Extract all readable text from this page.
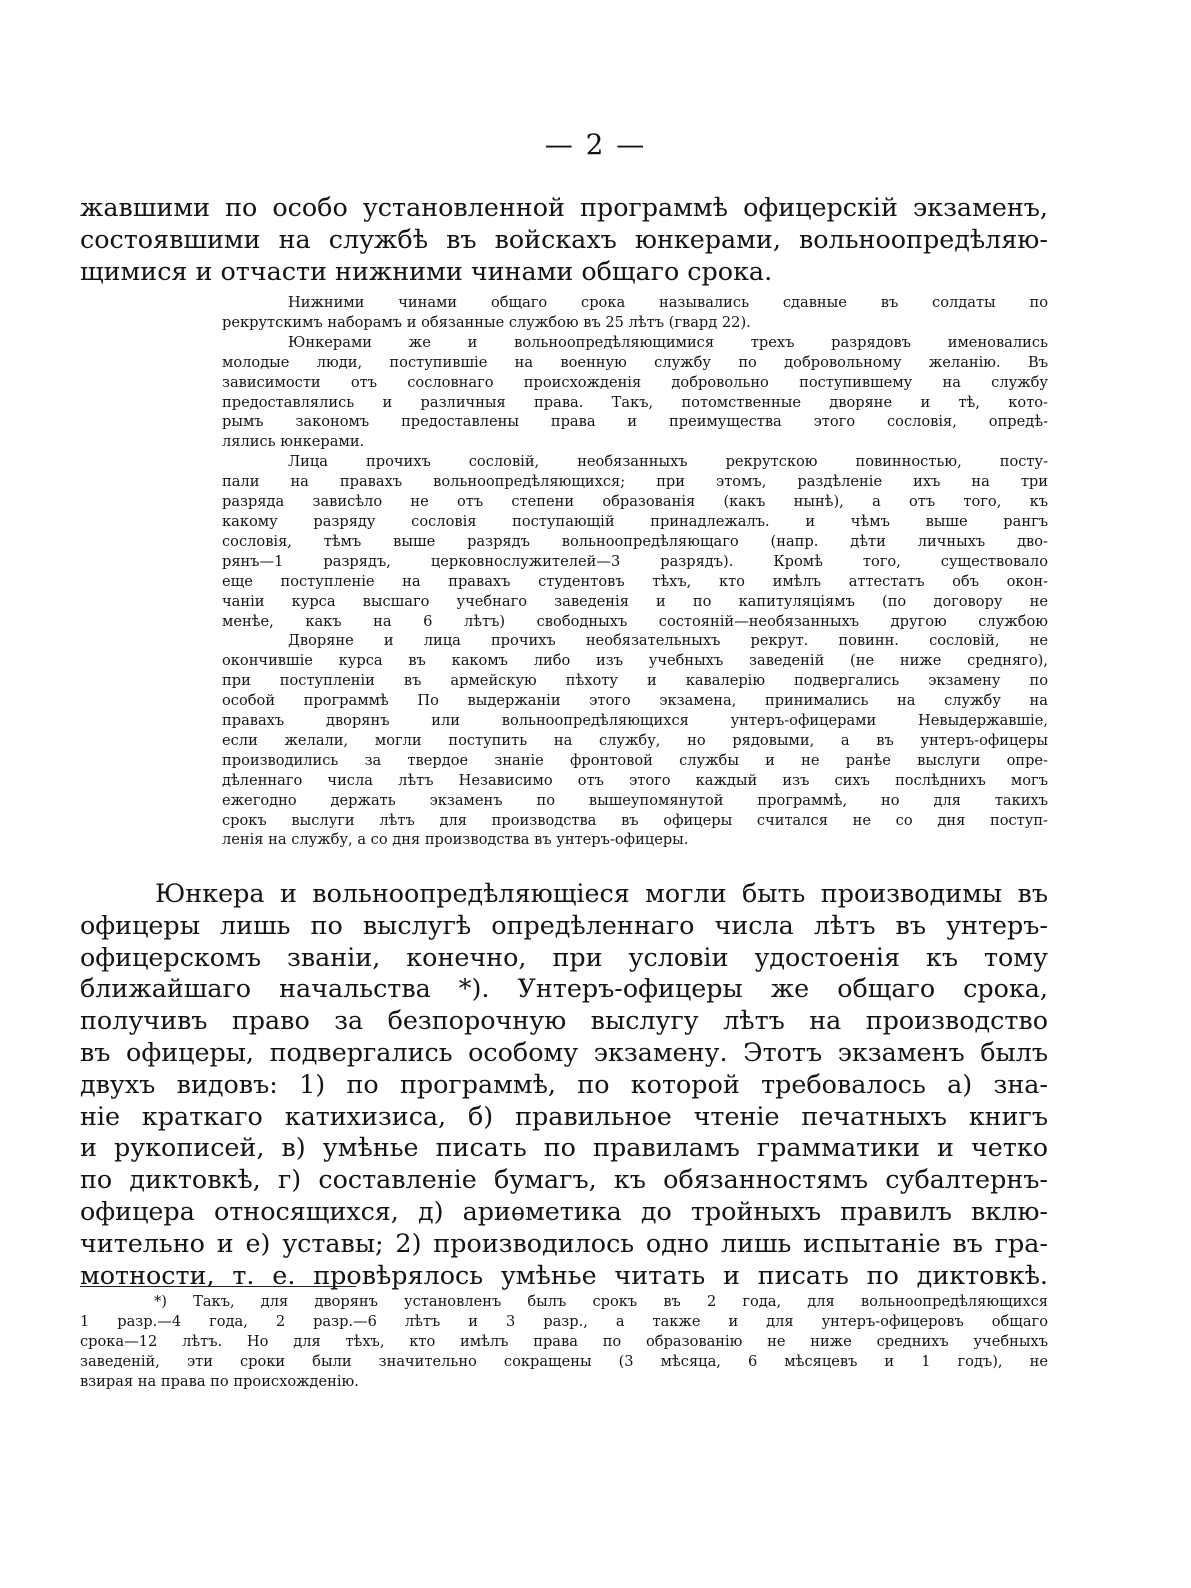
— 2 —
жавшими по особо установленной программѣ офицерскій экзаменъ,
состоявшими на службѣ въ войскахъ юнкерами, вольноопредѣляю-
щимися и отчасти нижними чинами общаго срока.
Нижними чинами общаго срока назывались сдавные въ солдаты по
рекрутскимъ наборамъ и обязанные службою въ 25 лѣтъ (гвард 22).
Юнкерами же и вольноопредѣляющимися трехъ разрядовъ именовались
молодые люди, поступившіе на военную службу по добровольному желанію. Въ
зависимости отъ сословнаго происхожденія добровольно поступившему на службу
предоставлялись и различныя права. Такъ, потомственные дворяне и тѣ, кото-
рымъ закономъ предоставлены права и преимущества этого сословія, опредѣ-
лялись юнкерами.
Лица прочихъ сословій, необязанныхъ рекрутскою повинностью, посту-
пали на правахъ вольноопредѣляющихся; при этомъ, раздѣленіе ихъ на три
разряда зависѣло не отъ степени образованія (какъ нынѣ), а отъ того, къ
какому разряду сословія поступающій принадлежалъ. и чѣмъ выше рангъ
сословія, тѣмъ выше разрядъ вольноопредѣляющаго (напр. дѣти личныхъ дво-
рянъ—1 разрядъ, церковнослужителей—3 разрядъ). Кромѣ того, существовало
еще поступленіе на правахъ студентовъ тѣхъ, кто имѣлъ аттестатъ объ окон-
чаніи курса высшаго учебнаго заведенія и по капитуляціямъ (по договору не
менѣе, какъ на 6 лѣтъ) свободныхъ состояній—необязанныхъ другою службою
Дворяне и лица прочихъ необязательныхъ рекрут. повинн. сословій, не
окончившіе курса въ какомъ либо изъ учебныхъ заведеній (не ниже средняго),
при поступленіи въ армейскую пѣхоту и кавалерію подвергались экзамену по
особой программѣ По выдержаніи этого экзамена, принимались на службу на
правахъ дворянъ или вольноопредѣляющихся унтеръ-офицерами Невыдержавшіе,
если желали, могли поступить на службу, но рядовыми, а въ унтеръ-офицеры
производились за твердое знаніе фронтовой службы и не ранѣе выслуги опре-
дѣленнаго числа лѣтъ Независимо отъ этого каждый изъ сихъ послѣднихъ могъ
ежегодно держать экзаменъ по вышеупомянутой программѣ, но для такихъ
срокъ выслуги лѣтъ для производства въ офицеры считался не со дня поступ-
ленія на службу, а со дня производства въ унтеръ-офицеры.
Юнкера и вольноопредѣляющіеся могли быть производимы въ
офицеры лишь по выслугѣ опредѣленнаго числа лѣтъ въ унтеръ-
офицерскомъ званіи, конечно, при условіи удостоенія къ тому
ближайшаго начальства *). Унтеръ-офицеры же общаго срока,
получивъ право за безпорочную выслугу лѣтъ на производство
въ офицеры, подвергались особому экзамену. Этотъ экзаменъ былъ
двухъ видовъ: 1) по программѣ, по которой требовалось а) зна-
ніе краткаго катихизиса, б) правильное чтеніе печатныхъ книгъ
и рукописей, в) умѣнье писать по правиламъ грамматики и четко
по диктовкѣ, г) составленіе бумагъ, къ обязанностямъ субалтернъ-
офицера относящихся, д) ариѳметика до тройныхъ правилъ вклю-
чительно и е) уставы; 2) производилось одно лишь испытаніе въ гра-
мотности, т. е. провѣрялось умѣнье читать и писать по диктовкѣ.
*) Такъ, для дворянъ установленъ былъ срокъ въ 2 года, для вольноопредѣляющихся
1 разр.—4 года, 2 разр.—6 лѣтъ и 3 разр., а также и для унтеръ-офицеровъ общаго
срока—12 лѣтъ. Но для тѣхъ, кто имѣлъ права по образованію не ниже среднихъ учебныхъ
заведеній, эти сроки были значительно сокращены (3 мѣсяца, 6 мѣсяцевъ и 1 годъ), не
взирая на права по происхожденію.
